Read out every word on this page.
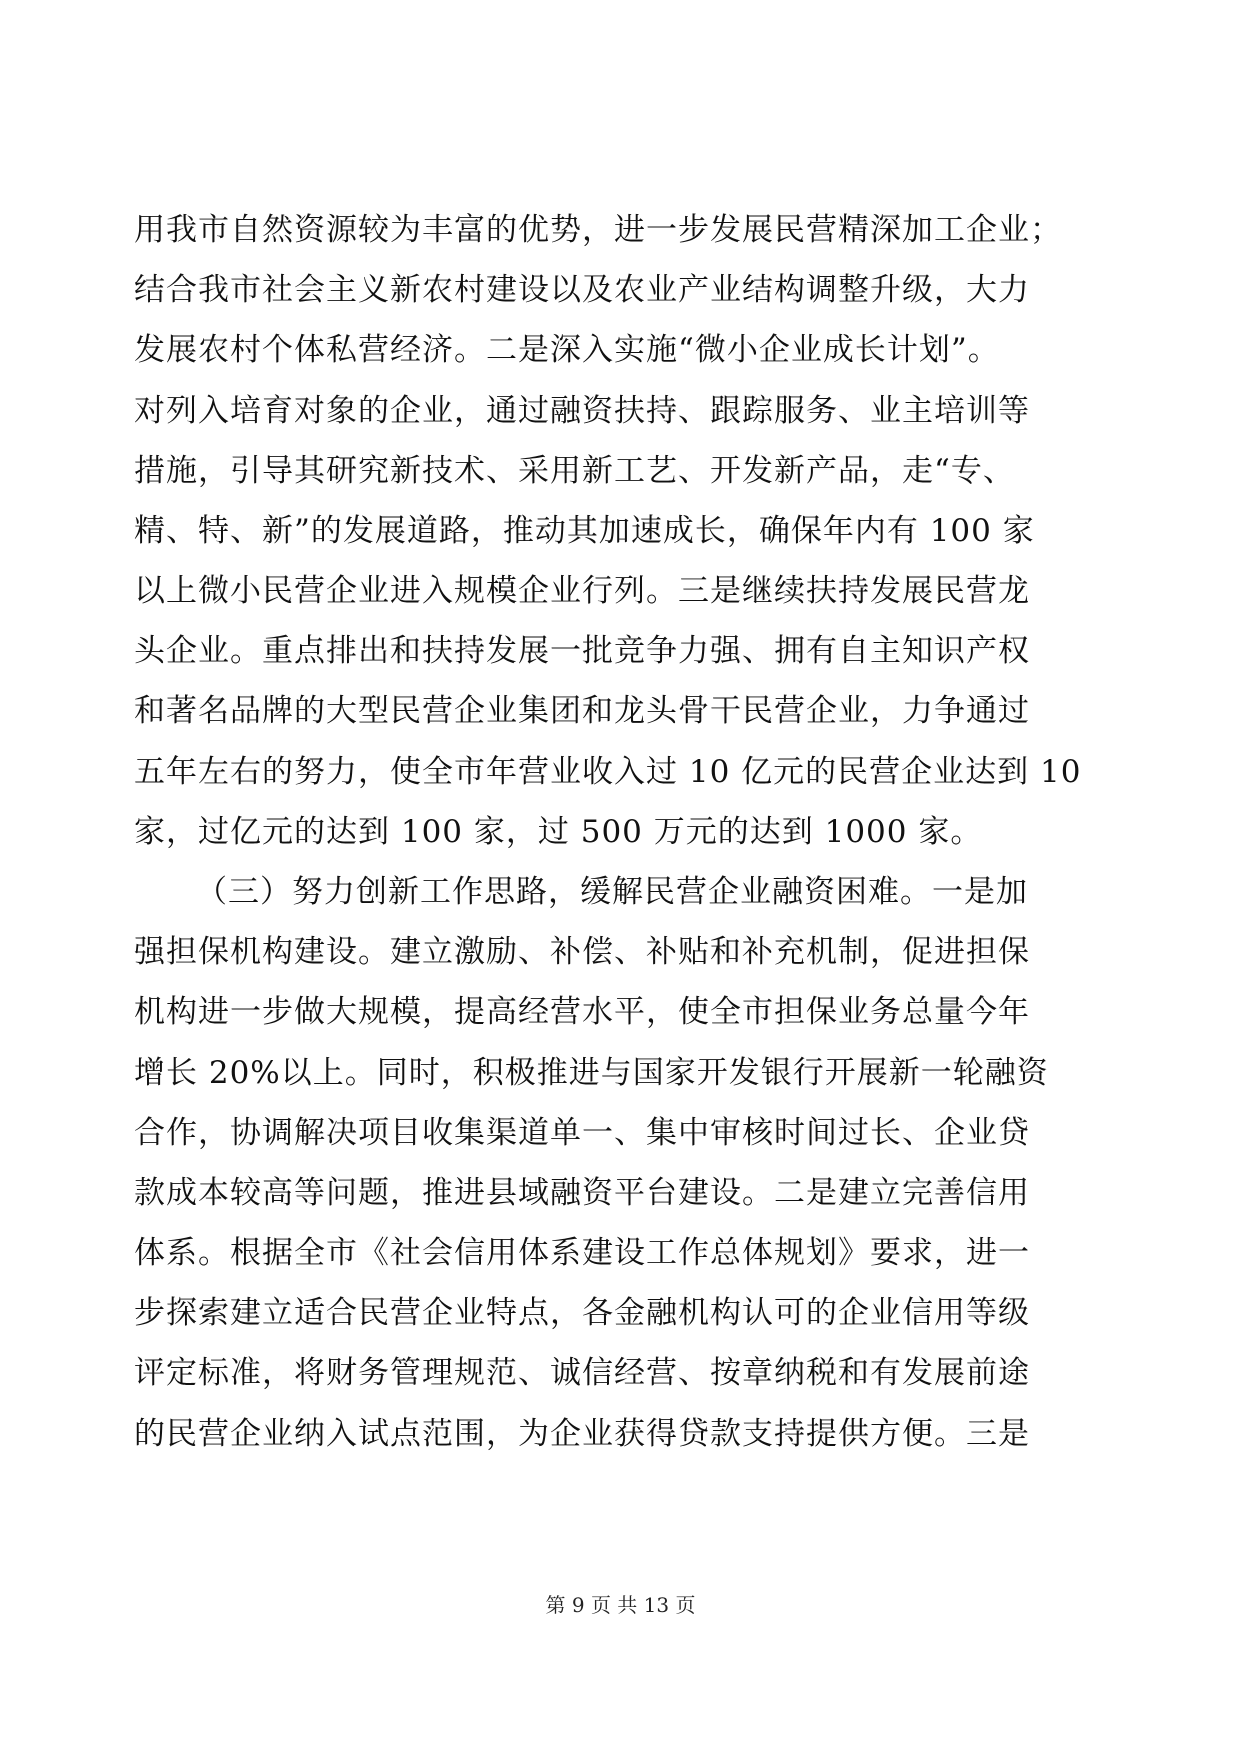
用我市自然资源较为丰富的优势，进一步发展民营精深加工企业；
结合我市社会主义新农村建设以及农业产业结构调整升级，大力
发展农村个体私营经济。二是深入实施“微小企业成长计划”。
对列入培育对象的企业，通过融资扶持、跟踪服务、业主培训等
措施，引导其研究新技术、采用新工艺、开发新产品，走“专、
精、特、新”的发展道路，推动其加速成长，确保年内有 100 家
以上微小民营企业进入规模企业行列。三是继续扶持发展民营龙
头企业。重点排出和扶持发展一批竞争力强、拥有自主知识产权
和著名品牌的大型民营企业集团和龙头骨干民营企业，力争通过
五年左右的努力，使全市年营业收入过 10 亿元的民营企业达到 10
家，过亿元的达到 100 家，过 500 万元的达到 1000 家。
（三）努力创新工作思路，缓解民营企业融资困难。一是加
强担保机构建设。建立激励、补偿、补贴和补充机制，促进担保
机构进一步做大规模，提高经营水平，使全市担保业务总量今年
增长 20%以上。同时，积极推进与国家开发银行开展新一轮融资
合作，协调解决项目收集渠道单一、集中审核时间过长、企业贷
款成本较高等问题，推进县域融资平台建设。二是建立完善信用
体系。根据全市《社会信用体系建设工作总体规划》要求，进一
步探索建立适合民营企业特点，各金融机构认可的企业信用等级
评定标准，将财务管理规范、诚信经营、按章纳税和有发展前途
的民营企业纳入试点范围，为企业获得贷款支持提供方便。三是
第 9 页 共 13 页
